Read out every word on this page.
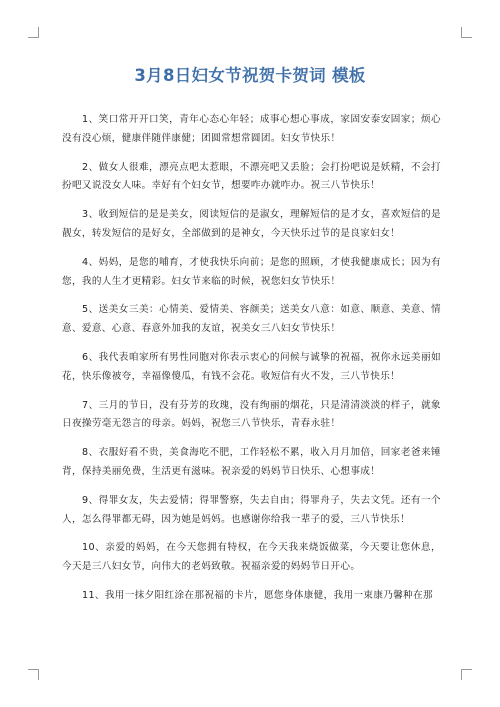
3月8日妇女节祝贺卡贺词 模板

1、笑口常开开口笑，青年心态心年轻；成事心想心事成，家固安泰安固家；烦心没有没心烦，健康伴随伴康健；团圆常想常圆团。妇女节快乐！

2、做女人很难，漂亮点吧太惹眼，不漂亮吧又丢脸；会打扮吧说是妖精，不会打扮吧又说没女人味。幸好有个妇女节，想要咋办就咋办。祝三八节快乐！

3、收到短信的是是美女，阅读短信的是淑女，理解短信的是才女，喜欢短信的是靓女，转发短信的是好女，全部做到的是神女，今天快乐过节的是良家妇女！

4、妈妈，是您的哺育，才使我快乐向前；是您的照顾，才使我健康成长；因为有您，我的人生才更精彩。妇女节来临的时候，祝您妇女节快乐！

5、送美女三美：心情美、爱情美、容颜美；送美女八意：如意、顺意、美意、情意、爱意、心意、春意外加我的友谊，祝美女三八妇女节快乐！

6、我代表咱家所有男性同胞对你表示衷心的问候与诚挚的祝福，祝你永远美丽如花，快乐像被夸，幸福像傻瓜，有钱不会花。收短信有火不发，三八节快乐！

7、三月的节日，没有芬芳的玫瑰，没有绚丽的烟花，只是清清淡淡的样子，就象日夜操劳毫无怨言的母亲。妈妈，祝您三八节快乐，青春永驻！

8、衣服好看不贵，美食海吃不肥，工作轻松不累，收入月月加倍，回家老爸来锤背，保持美丽免费，生活更有滋味。祝亲爱的妈妈节日快乐、心想事成！

9、得罪女友，失去爱情；得罪警察，失去自由；得罪舟子，失去文凭。还有一个人，怎么得罪都无碍，因为她是妈妈。也感谢你给我一辈子的爱，三八节快乐！

10、亲爱的妈妈，在今天您拥有特权，在今天我来烧饭做菜，今天要让您休息，今天是三八妇女节，向伟大的老妈致敬。祝福亲爱的妈妈节日开心。

11、我用一抹夕阳红涂在那祝福的卡片，愿您身体康健，我用一束康乃馨种在那
